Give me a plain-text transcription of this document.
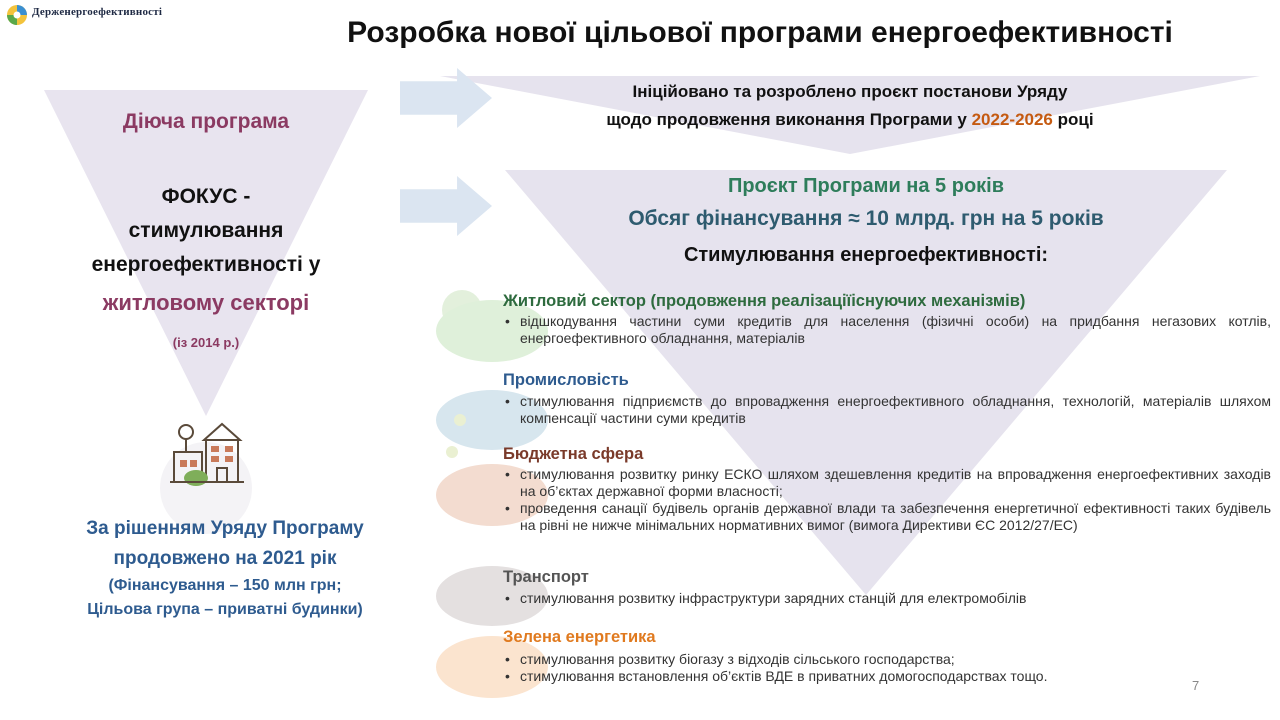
Держенергоефективності
Розробка нової цільової програми енергоефективності
Діюча програма
ФОКУС -
стимулювання
енергоефективності у
житловому секторі
(із 2014 р.)
За рішенням Уряду Програму
продовжено на 2021 рік
(Фінансування – 150 млн грн;
Цільова група – приватні будинки)
Ініційовано та розроблено проєкт постанови Уряду
щодо продовження виконання Програми у 2022-2026 році
Проєкт Програми на 5 років
Обсяг фінансування ≈ 10 млрд. грн на 5 років
Стимулювання енергоефективності:
Житловий сектор (продовження реалізаціїіснуючих механізмів)
• відшкодування частини суми кредитів для населення (фізичні особи) на придбання негазових котлів, енергоефективного обладнання, матеріалів
Промисловість
• стимулювання підприємств до впровадження енергоефективного обладнання, технологій, матеріалів шляхом компенсації частини суми кредитів
Бюджетна сфера
• стимулювання розвитку ринку ЕСКО шляхом здешевлення кредитів на впровадження енергоефективних заходів на об’єктах державної форми власності;
• проведення санації будівель органів державної влади та забезпечення енергетичної ефективності таких будівель на рівні не нижче мінімальних нормативних вимог (вимога Директиви ЄС 2012/27/ЕС)
Транспорт
• стимулювання розвитку інфраструктури зарядних станцій для електромобілів
Зелена енергетика
• стимулювання розвитку біогазу з відходів сільського господарства;
• стимулювання встановлення об’єктів ВДЕ в приватних домогосподарствах тощо.
7
